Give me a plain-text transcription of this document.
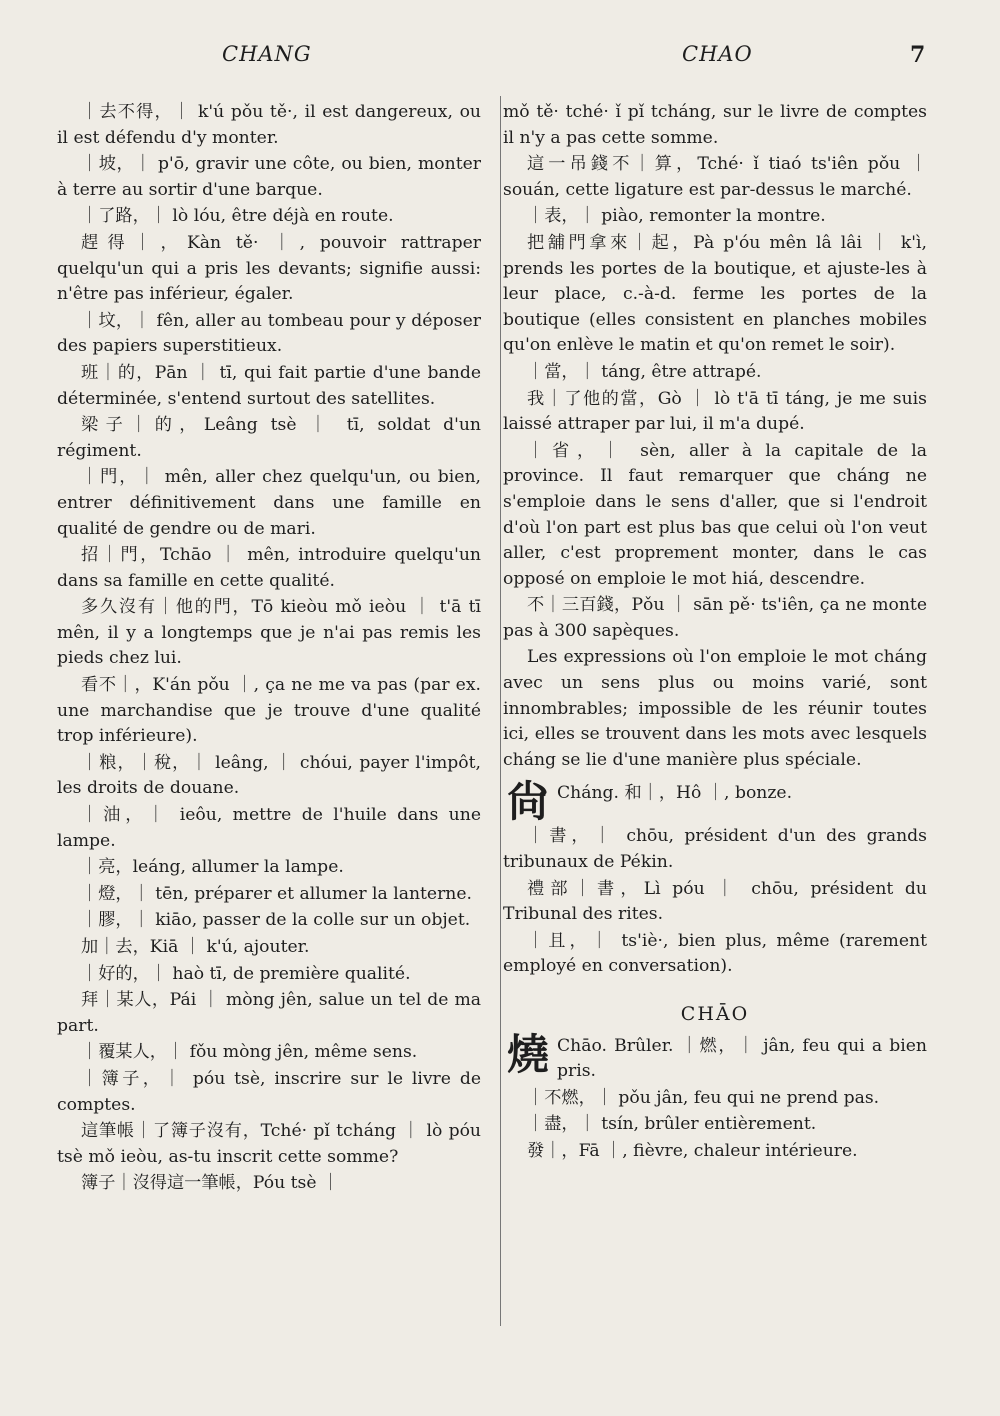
CHANG	CHAO	7

｜去不得，｜ k'ú pǒu tě·, il est dangereux, ou il est défendu d'y monter.

｜坡，｜ p'ō, gravir une côte, ou bien, monter à terre au sortir d'une barque.

｜了路，｜ lò lóu, être déjà en route.

趕得｜，Kàn tě· ｜, pouvoir rattraper quelqu'un qui a pris les devants; signifie aussi: n'être pas inférieur, égaler.

｜坟，｜ fên, aller au tombeau pour y déposer des papiers superstitieux.

班｜的，Pān ｜ tī, qui fait partie d'une bande déterminée, s'entend surtout des satellites.

梁子｜的，Leâng tsè ｜ tī, soldat d'un régiment.

｜門，｜ mên, aller chez quelqu'un, ou bien, entrer définitivement dans une famille en qualité de gendre ou de mari.

招｜門，Tchāo ｜ mên, introduire quelqu'un dans sa famille en cette qualité.

多久沒有｜他的門，Tō kieòu mǒ ieòu ｜ t'ā tī mên, il y a longtemps que je n'ai pas remis les pieds chez lui.

看不｜，K'án pǒu ｜, ça ne me va pas (par ex. une marchandise que je trouve d'une qualité trop inférieure).

｜粮，｜稅，｜ leâng, ｜ chóui, payer l'impôt, les droits de douane.

｜油，｜ ieôu, mettre de l'huile dans une lampe.

｜亮，leáng, allumer la lampe.

｜燈，｜ tēn, préparer et allumer la lanterne.

｜膠，｜ kiāo, passer de la colle sur un objet.

加｜去，Kiā ｜ k'ú, ajouter.

｜好的，｜ haò tī, de première qualité.

拜｜某人，Pái ｜ mòng jên, salue un tel de ma part.

｜覆某人，｜ fǒu mòng jên, même sens.

｜簿子，｜ póu tsè, inscrire sur le livre de comptes.

這筆帳｜了簿子沒有，Tché· pǐ tcháng ｜ lò póu tsè mǒ ieòu, as-tu inscrit cette somme?

簿子｜沒得這一筆帳，Póu tsè ｜

mǒ tě· tché· ǐ pǐ tcháng, sur le livre de comptes il n'y a pas cette somme.

這一吊錢不｜算，Tché· ǐ tiaó ts'iên pǒu ｜ souán, cette ligature est par-dessus le marché.

｜表，｜ piào, remonter la montre.

把舖門拿來｜起，Pà p'óu mên lâ lâi ｜ k'ì, prends les portes de la boutique, et ajuste-les à leur place, c.-à-d. ferme les portes de la boutique (elles consistent en planches mobiles qu'on enlève le matin et qu'on remet le soir).

｜當，｜ táng, être attrapé.

我｜了他的當，Gò ｜ lò t'ā tī táng, je me suis laissé attraper par lui, il m'a dupé.

｜省，｜ sèn, aller à la capitale de la province. Il faut remarquer que cháng ne s'emploie dans le sens d'aller, que si l'endroit d'où l'on part est plus bas que celui où l'on veut aller, c'est proprement monter, dans le cas opposé on emploie le mot hiá, descendre.

不｜三百錢，Pǒu ｜ sān pě· ts'iên, ça ne monte pas à 300 sapèques.

Les expressions où l'on emploie le mot cháng avec un sens plus ou moins varié, sont innombrables; impossible de les réunir toutes ici, elles se trouvent dans les mots avec lesquels cháng se lie d'une manière plus spéciale.

尙 Cháng. 和｜，Hô ｜, bonze.

｜書，｜ chōu, président d'un des grands tribunaux de Pékin.

禮部｜書，Lì póu ｜ chōu, président du Tribunal des rites.

｜且，｜ ts'iè·, bien plus, même (rarement employé en conversation).

CHĀO
燒 Chāo. Brûler. ｜燃，｜ jân, feu qui a bien pris.

｜不燃，｜ pǒu jân, feu qui ne prend pas.

｜盡，｜ tsín, brûler entièrement.

發｜，Fā ｜, fièvre, chaleur intérieure.
